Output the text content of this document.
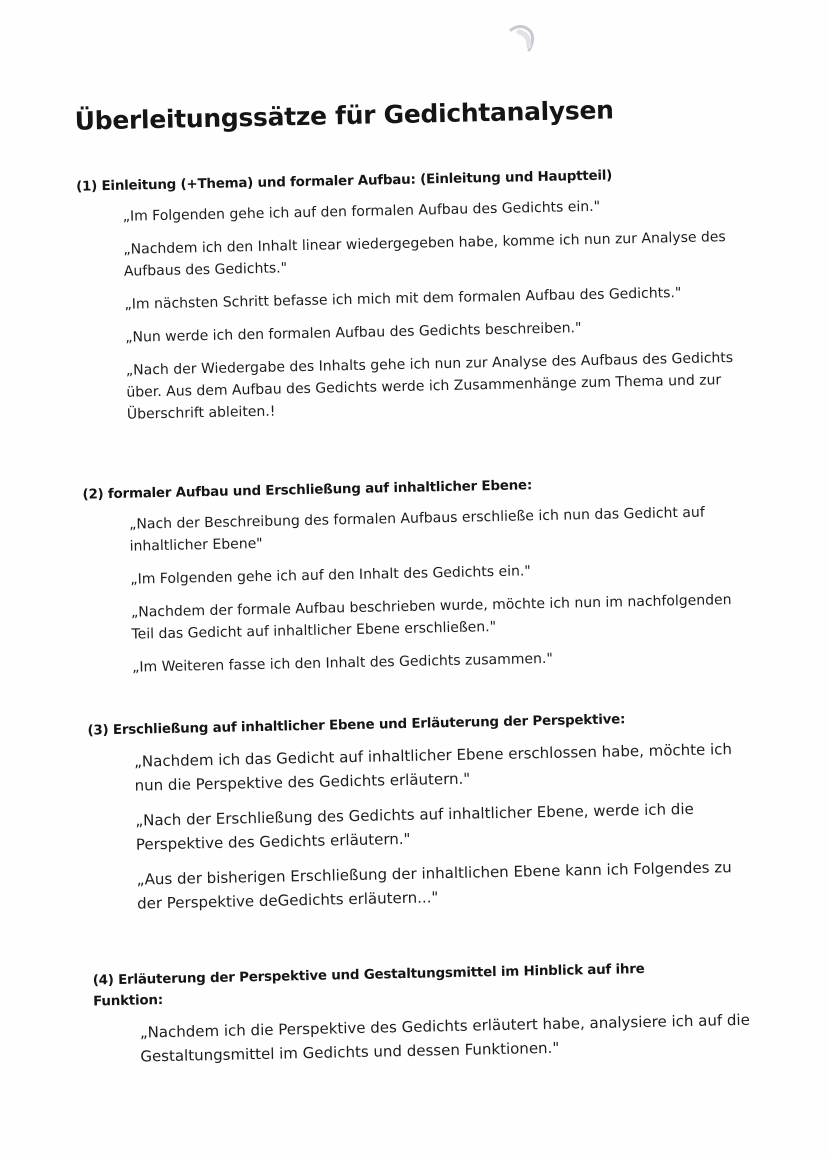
Überleitungssätze für Gedichtanalysen
(1) Einleitung (+Thema) und formaler Aufbau: (Einleitung und Hauptteil)
„Im Folgenden gehe ich auf den formalen Aufbau des Gedichts ein."
„Nachdem ich den Inhalt linear wiedergegeben habe, komme ich nun zur Analyse des Aufbaus des Gedichts."
„Im nächsten Schritt befasse ich mich mit dem formalen Aufbau des Gedichts."
„Nun werde ich den formalen Aufbau des Gedichts beschreiben."
„Nach der Wiedergabe des Inhalts gehe ich nun zur Analyse des Aufbaus des Gedichts über. Aus dem Aufbau des Gedichts werde ich Zusammenhänge zum Thema und zur Überschrift ableiten.!
(2) formaler Aufbau und Erschließung auf inhaltlicher Ebene:
„Nach der Beschreibung des formalen Aufbaus erschließe ich nun das Gedicht auf inhaltlicher Ebene"
„Im Folgenden gehe ich auf den Inhalt des Gedichts ein."
„Nachdem der formale Aufbau beschrieben wurde, möchte ich nun im nachfolgenden Teil das Gedicht auf inhaltlicher Ebene erschließen."
„Im Weiteren fasse ich den Inhalt des Gedichts zusammen."
(3) Erschließung auf inhaltlicher Ebene und Erläuterung der Perspektive:
„Nachdem ich das Gedicht auf inhaltlicher Ebene erschlossen habe, möchte ich nun die Perspektive des Gedichts erläutern."
„Nach der Erschließung des Gedichts auf inhaltlicher Ebene, werde ich die Perspektive des Gedichts erläutern."
„Aus der bisherigen Erschließung der inhaltlichen Ebene kann ich Folgendes zu der Perspektive deGedichts erläutern..."
(4) Erläuterung der Perspektive und Gestaltungsmittel im Hinblick auf ihre Funktion:
„Nachdem ich die Perspektive des Gedichts erläutert habe, analysiere ich auf die Gestaltungsmittel im Gedichts und dessen Funktionen."
